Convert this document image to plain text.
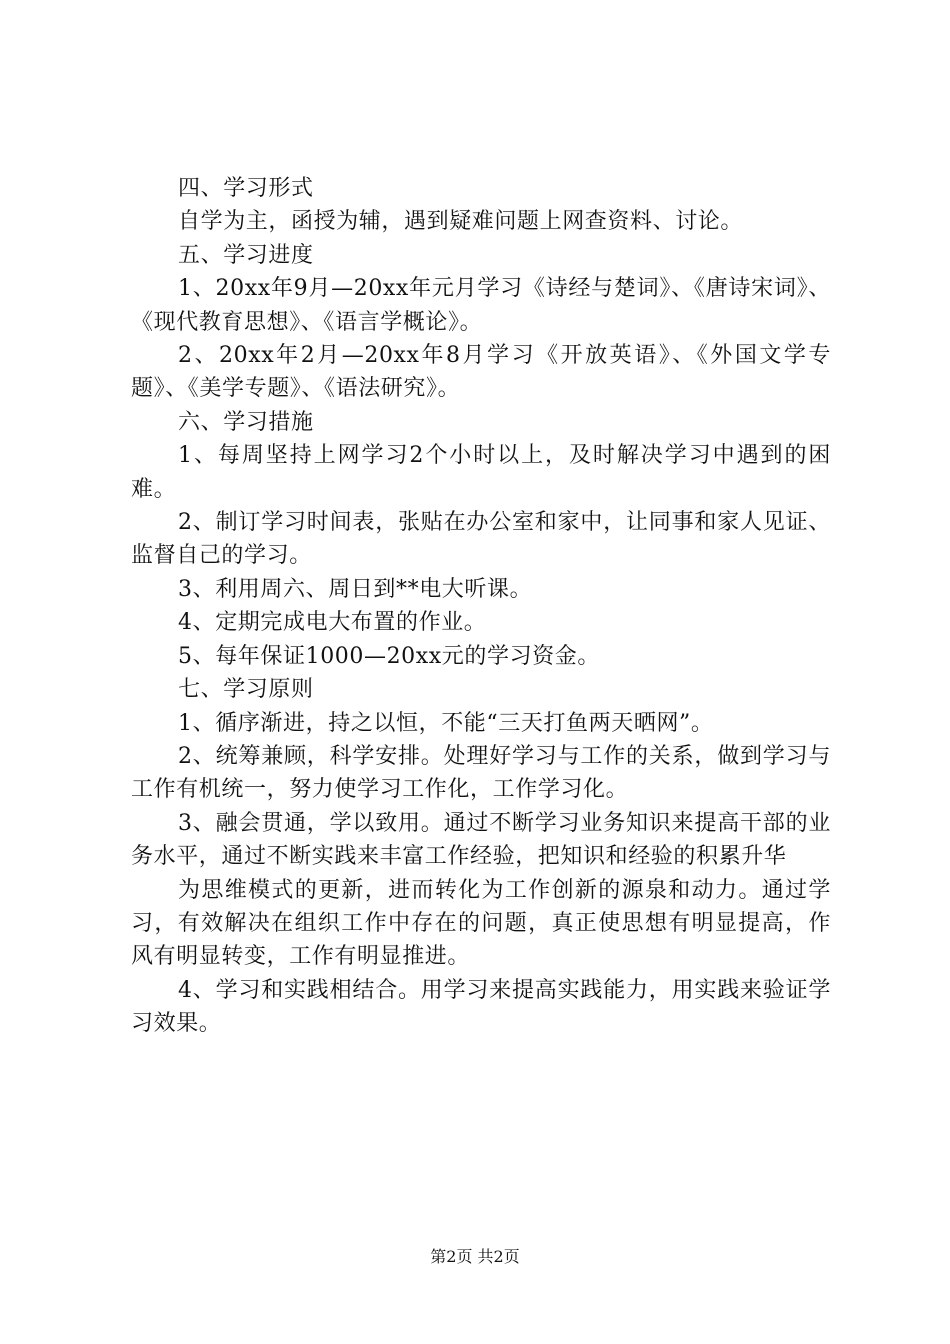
四、学习形式

自学为主，函授为辅，遇到疑难问题上网查资料、讨论。

五、学习进度

1、20xx年9月—20xx年元月学习《诗经与楚词》、《唐诗宋词》、《现代教育思想》、《语言学概论》。

2、20xx年2月—20xx年8月学习《开放英语》、《外国文学专题》、《美学专题》、《语法研究》。

六、学习措施

1、每周坚持上网学习2个小时以上，及时解决学习中遇到的困难。

2、制订学习时间表，张贴在办公室和家中，让同事和家人见证、监督自己的学习。

3、利用周六、周日到**电大听课。

4、定期完成电大布置的作业。

5、每年保证1000—20xx元的学习资金。

七、学习原则

1、循序渐进，持之以恒，不能“三天打鱼两天晒网”。

2、统筹兼顾，科学安排。处理好学习与工作的关系，做到学习与工作有机统一，努力使学习工作化，工作学习化。

3、融会贯通，学以致用。通过不断学习业务知识来提高干部的业务水平，通过不断实践来丰富工作经验，把知识和经验的积累升华

为思维模式的更新，进而转化为工作创新的源泉和动力。通过学习，有效解决在组织工作中存在的问题，真正使思想有明显提高，作风有明显转变，工作有明显推进。

4、学习和实践相结合。用学习来提高实践能力，用实践来验证学习效果。

第2页 共2页
